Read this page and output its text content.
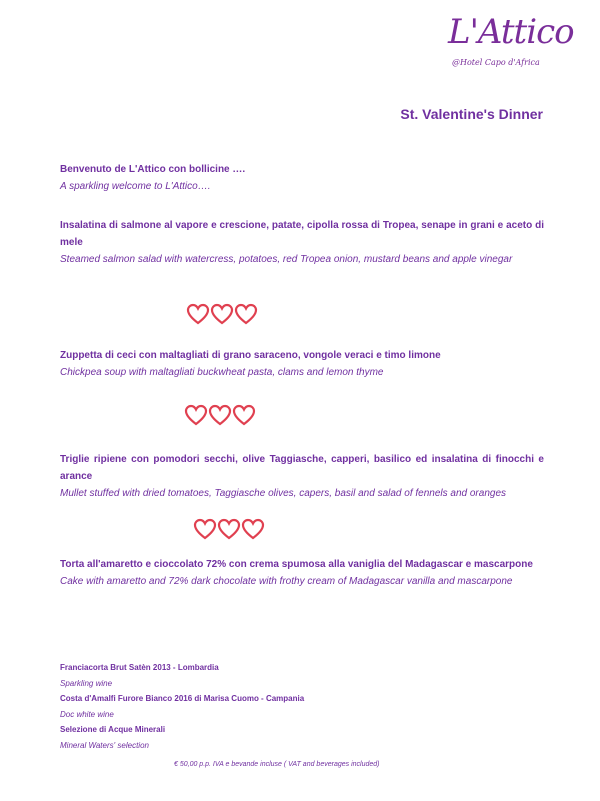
L'Attico
@Hotel Capo d'Africa
St. Valentine's Dinner
Benvenuto de L'Attico con bollicine ….
A sparkling welcome to L'Attico….
Insalatina di salmone al vapore e crescione, patate, cipolla rossa di Tropea, senape in grani e aceto di mele
Steamed salmon salad with watercress, potatoes, red Tropea onion, mustard beans and apple vinegar
Zuppetta di ceci con maltagliati di grano saraceno, vongole veraci e timo limone
Chickpea soup with maltagliati buckwheat pasta, clams and lemon thyme
Triglie ripiene con pomodori secchi, olive Taggiasche, capperi, basilico ed insalatina di finocchi e arance
Mullet stuffed with dried tomatoes, Taggiasche olives, capers, basil and salad of fennels and oranges
Torta all'amaretto e cioccolato 72% con crema spumosa alla vaniglia del Madagascar e mascarpone
Cake with amaretto and 72% dark chocolate with frothy cream of Madagascar vanilla and mascarpone
Franciacorta Brut Satèn 2013 - Lombardia
Sparkling wine
Costa d'Amalfi Furore Bianco 2016 di Marisa Cuomo - Campania
Doc white wine
Selezione di Acque Minerali
Mineral Waters' selection
€ 50,00 p.p. IVA e bevande incluse ( VAT and beverages included)
